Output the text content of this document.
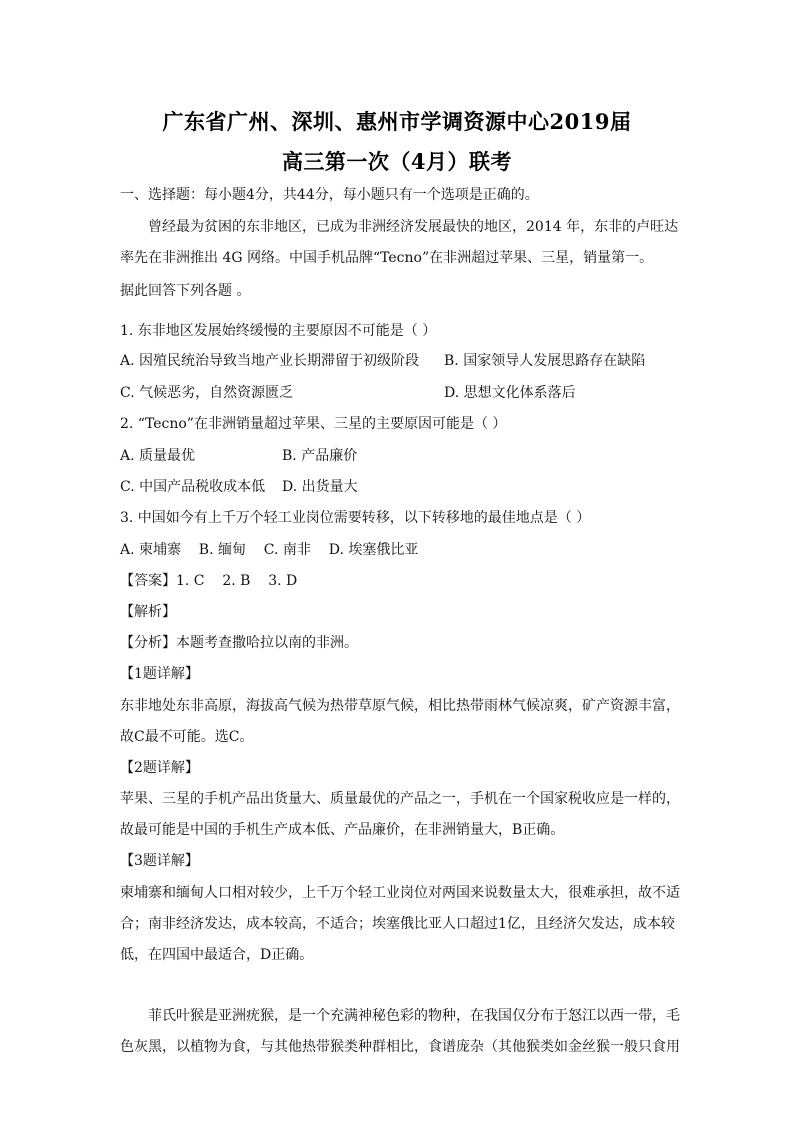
广东省广州、深圳、惠州市学调资源中心2019届
高三第一次（4月）联考
一、选择题：每小题4分，共44分，每小题只有一个选项是正确的。
曾经最为贫困的东非地区，已成为非洲经济发展最快的地区，2014 年，东非的卢旺达
率先在非洲推出 4G 网络。中国手机品牌“Tecno”在非洲超过苹果、三星，销量第一。
据此回答下列各题 。
1. 东非地区发展始终缓慢的主要原因不可能是（ ）
A. 因殖民统治导致当地产业长期滞留于初级阶段	B. 国家领导人发展思路存在缺陷
C. 气候恶劣，自然资源匮乏	D. 思想文化体系落后
2. “Tecno”在非洲销量超过苹果、三星的主要原因可能是（ ）
A. 质量最优	B. 产品廉价
C. 中国产品税收成本低	D. 出货量大
3. 中国如今有上千万个轻工业岗位需要转移，以下转移地的最佳地点是（ ）
A. 柬埔寨    B. 缅甸    C. 南非    D. 埃塞俄比亚
【答案】1. C    2. B    3. D
【解析】
【分析】本题考查撒哈拉以南的非洲。
【1题详解】
东非地处东非高原，海拔高气候为热带草原气候，相比热带雨林气候凉爽，矿产资源丰富，
故C最不可能。选C。
【2题详解】
苹果、三星的手机产品出货量大、质量最优的产品之一，手机在一个国家税收应是一样的，
故最可能是中国的手机生产成本低、产品廉价，在非洲销量大，B正确。
【3题详解】
柬埔寨和缅甸人口相对较少，上千万个轻工业岗位对两国来说数量太大，很难承担，故不适
合；南非经济发达，成本较高，不适合；埃塞俄比亚人口超过1亿，且经济欠发达，成本较
低，在四国中最适合，D正确。
菲氏叶猴是亚洲疣猴，是一个充满神秘色彩的物种，在我国仅分布于怒江以西一带，毛
色灰黑，以植物为食，与其他热带猴类种群相比，食谱庞杂（其他猴类如金丝猴一般只食用
